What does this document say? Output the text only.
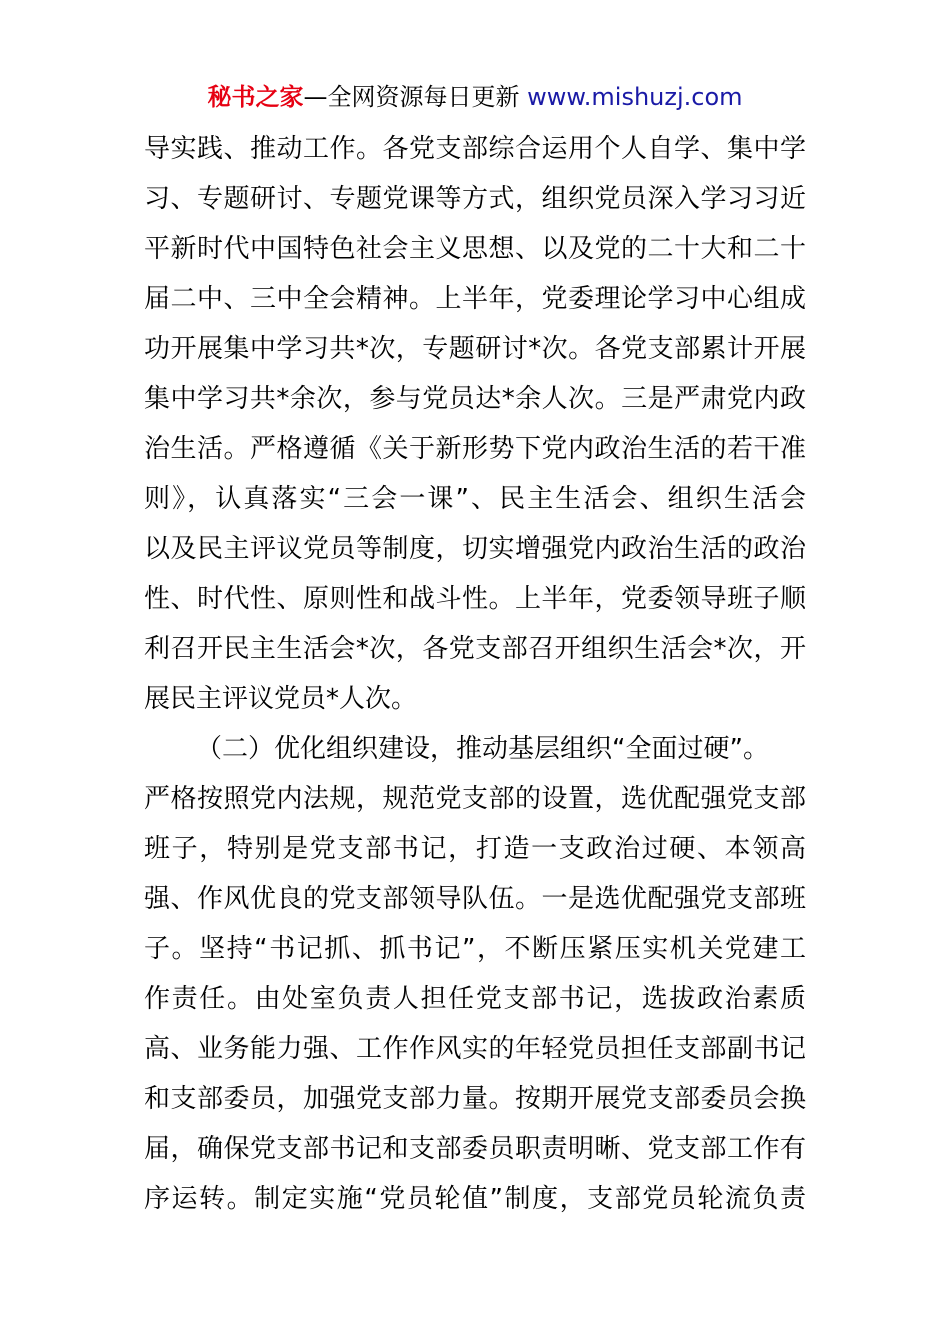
秘书之家—全网资源每日更新 www.mishuzj.com
导实践、推动工作。各党支部综合运用个人自学、集中学
习、专题研讨、专题党课等方式，组织党员深入学习习近
平新时代中国特色社会主义思想、以及党的二十大和二十
届二中、三中全会精神。上半年，党委理论学习中心组成
功开展集中学习共*次，专题研讨*次。各党支部累计开展
集中学习共*余次，参与党员达*余人次。三是严肃党内政
治生活。严格遵循《关于新形势下党内政治生活的若干准
则》，认真落实“三会一课”、民主生活会、组织生活会
以及民主评议党员等制度，切实增强党内政治生活的政治
性、时代性、原则性和战斗性。上半年，党委领导班子顺
利召开民主生活会*次，各党支部召开组织生活会*次，开
展民主评议党员*人次。
（二）优化组织建设，推动基层组织“全面过硬”。
严格按照党内法规，规范党支部的设置，选优配强党支部
班子，特别是党支部书记，打造一支政治过硬、本领高
强、作风优良的党支部领导队伍。一是选优配强党支部班
子。坚持“书记抓、抓书记”，不断压紧压实机关党建工
作责任。由处室负责人担任党支部书记，选拔政治素质
高、业务能力强、工作作风实的年轻党员担任支部副书记
和支部委员，加强党支部力量。按期开展党支部委员会换
届，确保党支部书记和支部委员职责明晰、党支部工作有
序运转。制定实施“党员轮值”制度，支部党员轮流负责
